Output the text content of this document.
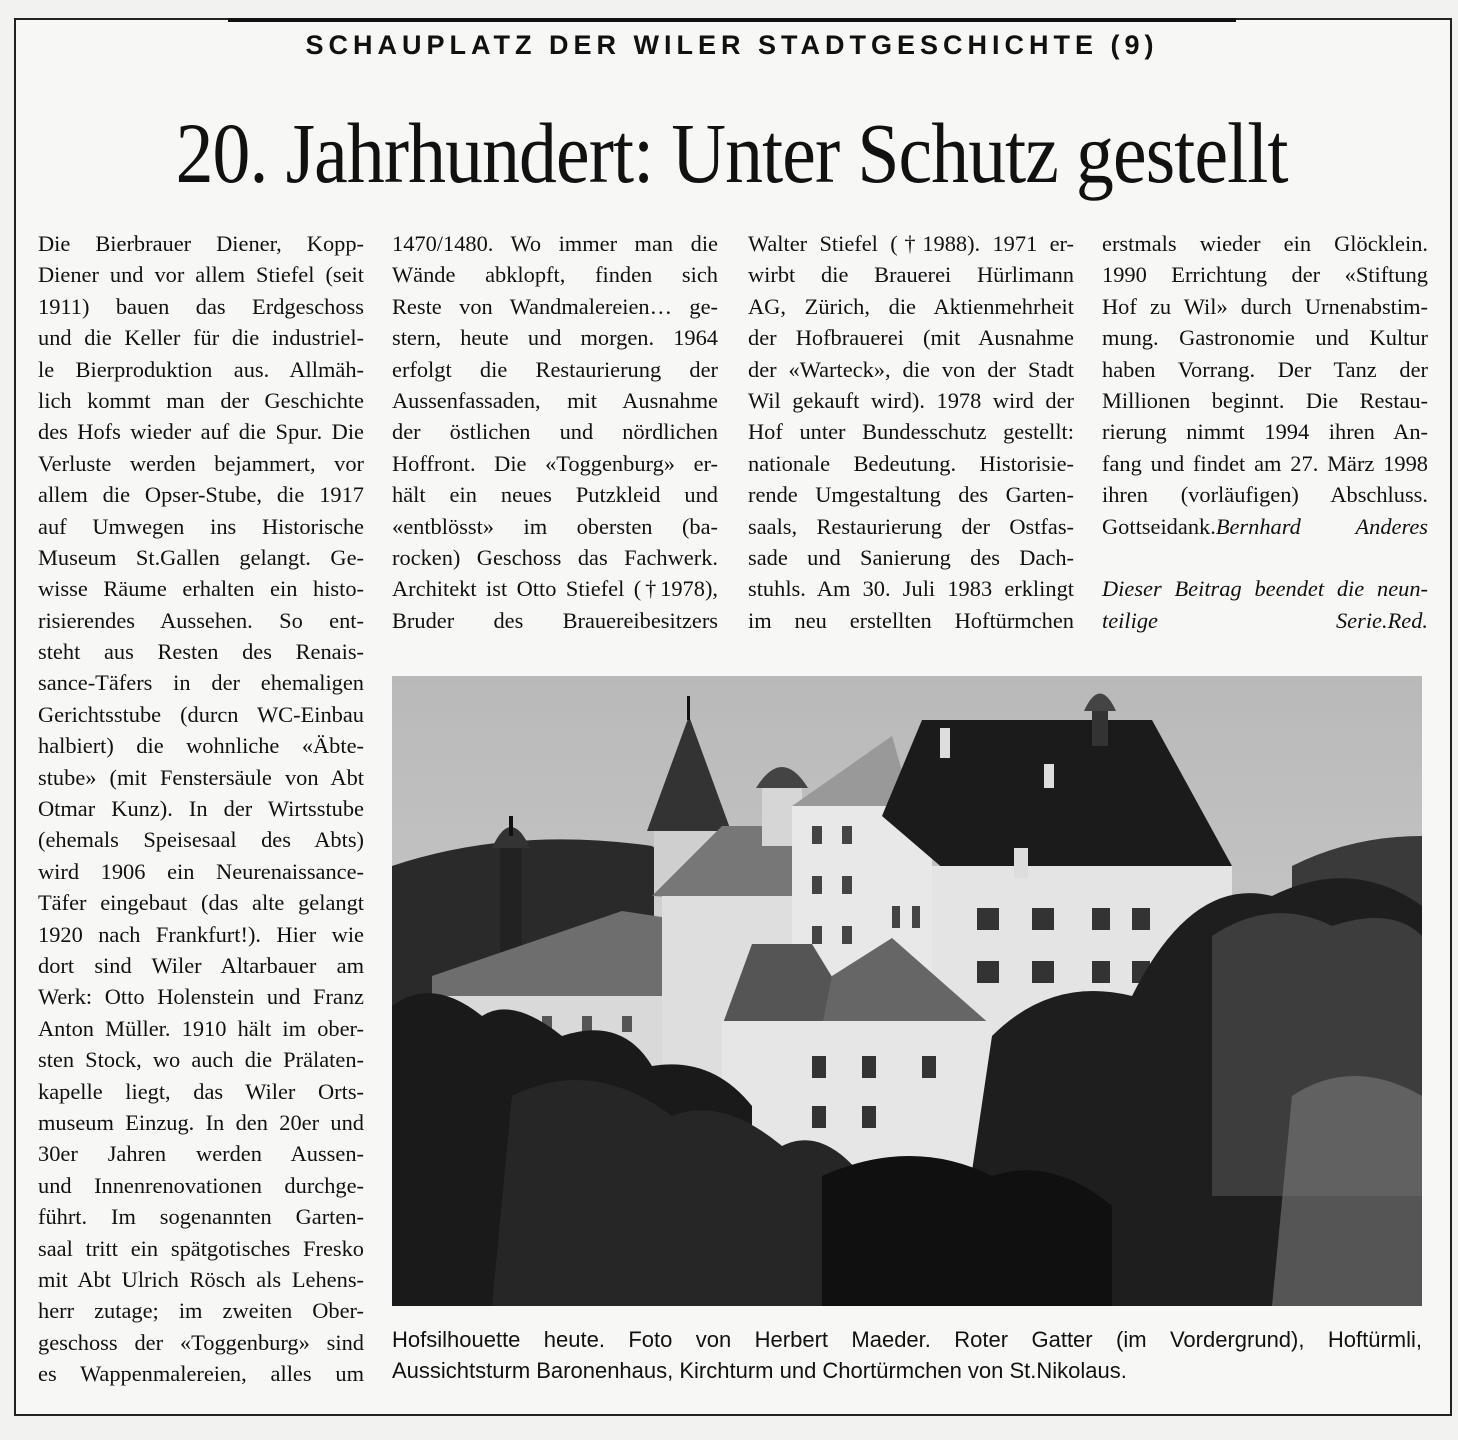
SCHAUPLATZ DER WILER STADTGESCHICHTE (9)
20. Jahrhundert: Unter Schutz gestellt
Die Bierbrauer Diener, Kopp-
Diener und vor allem Stiefel (seit
1911) bauen das Erdgeschoss
und die Keller für die industriel-
le Bierproduktion aus. Allmäh-
lich kommt man der Geschichte
des Hofs wieder auf die Spur. Die
Verluste werden bejammert, vor
allem die Opser-Stube, die 1917
auf Umwegen ins Historische
Museum St.Gallen gelangt. Ge-
wisse Räume erhalten ein histo-
risierendes Aussehen. So ent-
steht aus Resten des Renais-
sance-Täfers in der ehemaligen
Gerichtsstube (durcn WC-Einbau
halbiert) die wohnliche «Äbte-
stube» (mit Fenstersäule von Abt
Otmar Kunz). In der Wirtsstube
(ehemals Speisesaal des Abts)
wird 1906 ein Neurenaissance-
Täfer eingebaut (das alte gelangt
1920 nach Frankfurt!). Hier wie
dort sind Wiler Altarbauer am
Werk: Otto Holenstein und Franz
Anton Müller. 1910 hält im ober-
sten Stock, wo auch die Prälaten-
kapelle liegt, das Wiler Orts-
museum Einzug. In den 20er und
30er Jahren werden Aussen-
und Innenrenovationen durchge-
führt. Im sogenannten Garten-
saal tritt ein spätgotisches Fresko
mit Abt Ulrich Rösch als Lehens-
herr zutage; im zweiten Ober-
geschoss der «Toggenburg» sind
es Wappenmalereien, alles um
1470/1480. Wo immer man die
Wände abklopft, finden sich
Reste von Wandmalereien… ge-
stern, heute und morgen. 1964
erfolgt die Restaurierung der
Aussenfassaden, mit Ausnahme
der östlichen und nördlichen
Hoffront. Die «Toggenburg» er-
hält ein neues Putzkleid und
«entblösst» im obersten (ba-
rocken) Geschoss das Fachwerk.
Architekt ist Otto Stiefel (†1978),
Bruder des Brauereibesitzers
Walter Stiefel (†1988). 1971 er-
wirbt die Brauerei Hürlimann
AG, Zürich, die Aktienmehrheit
der Hofbrauerei (mit Ausnahme
der «Warteck», die von der Stadt
Wil gekauft wird). 1978 wird der
Hof unter Bundesschutz gestellt:
nationale Bedeutung. Historisie-
rende Umgestaltung des Garten-
saals, Restaurierung der Ostfas-
sade und Sanierung des Dach-
stuhls. Am 30. Juli 1983 erklingt
im neu erstellten Hoftürmchen
erstmals wieder ein Glöcklein.
1990 Errichtung der «Stiftung
Hof zu Wil» durch Urnenabstim-
mung. Gastronomie und Kultur
haben Vorrang. Der Tanz der
Millionen beginnt. Die Restau-
rierung nimmt 1994 ihren An-
fang und findet am 27. März 1998
ihren (vorläufigen) Abschluss.
Gottseidank.Bernhard Anderes
Dieser Beitrag beendet die neun-
teilige Serie.Red.
Hofsilhouette heute. Foto von Herbert Maeder. Roter Gatter (im Vordergrund), Hoftürmli,
Aussichtsturm Baronenhaus, Kirchturm und Chortürmchen von St.Nikolaus.
